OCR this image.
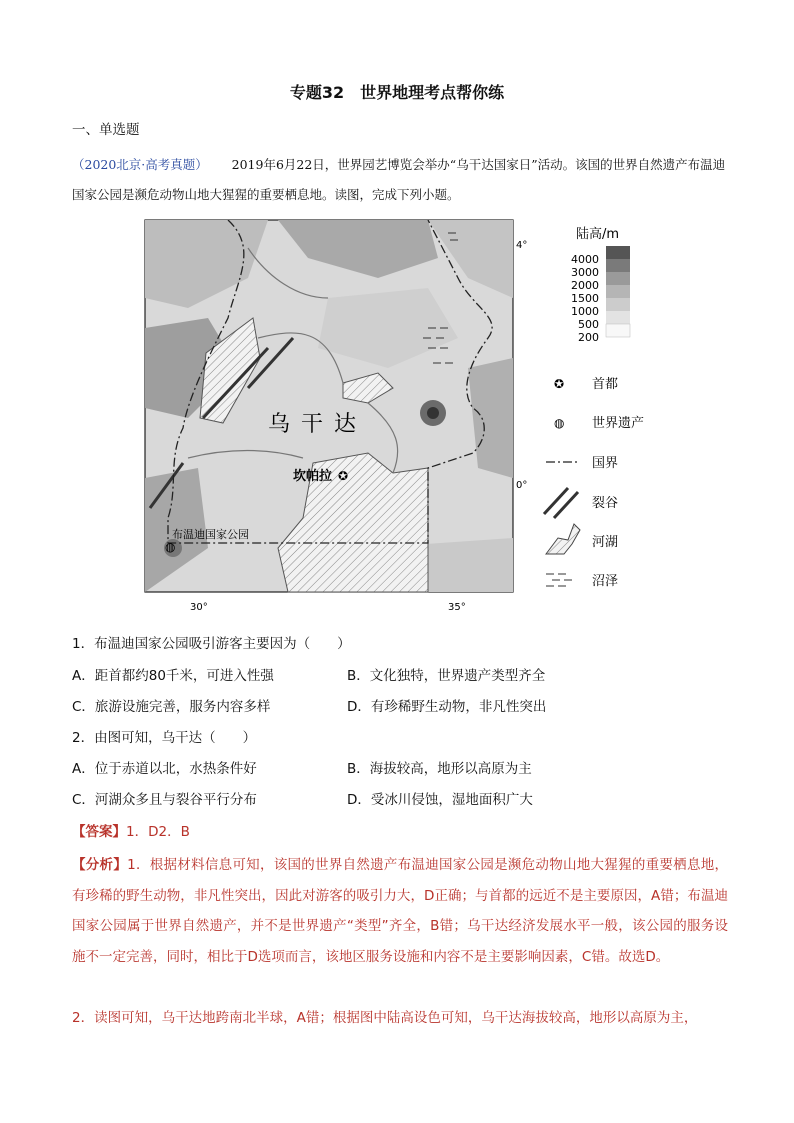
专题32　世界地理考点帮你练
一、单选题
（2020北京·高考真题） 2019年6月22日，世界园艺博览会举办“乌干达国家日”活动。该国的世界自然遗产布温迪国家公园是濒危动物山地大猩猩的重要栖息地。读图，完成下列小题。
乌 干 达
坎帕拉 ✪
布温迪国家公园
◍
4°
0°
30°	35°
陆高/m
4000
3000
2000
1500
1000
500
200
✪ 首都
◍ 世界遗产
国界
裂谷
河湖
沼泽
1．布温迪国家公园吸引游客主要因为（　　）
A．距首都约80千米，可进入性强	B．文化独特，世界遗产类型齐全
C．旅游设施完善，服务内容多样	D．有珍稀野生动物，非凡性突出
2．由图可知，乌干达（　　）
A．位于赤道以北，水热条件好	B．海拔较高，地形以高原为主
C．河湖众多且与裂谷平行分布	D．受冰川侵蚀，湿地面积广大
【答案】1．D2．B
【分析】1．根据材料信息可知，该国的世界自然遗产布温迪国家公园是濒危动物山地大猩猩的重要栖息地，有珍稀的野生动物，非凡性突出，因此对游客的吸引力大，D正确；与首都的远近不是主要原因，A错；布温迪国家公园属于世界自然遗产，并不是世界遗产“类型”齐全，B错；乌干达经济发展水平一般，该公园的服务设施不一定完善，同时，相比于D选项而言，该地区服务设施和内容不是主要影响因素，C错。故选D。
2．读图可知，乌干达地跨南北半球，A错；根据图中陆高设色可知，乌干达海拔较高，地形以高原为主，
